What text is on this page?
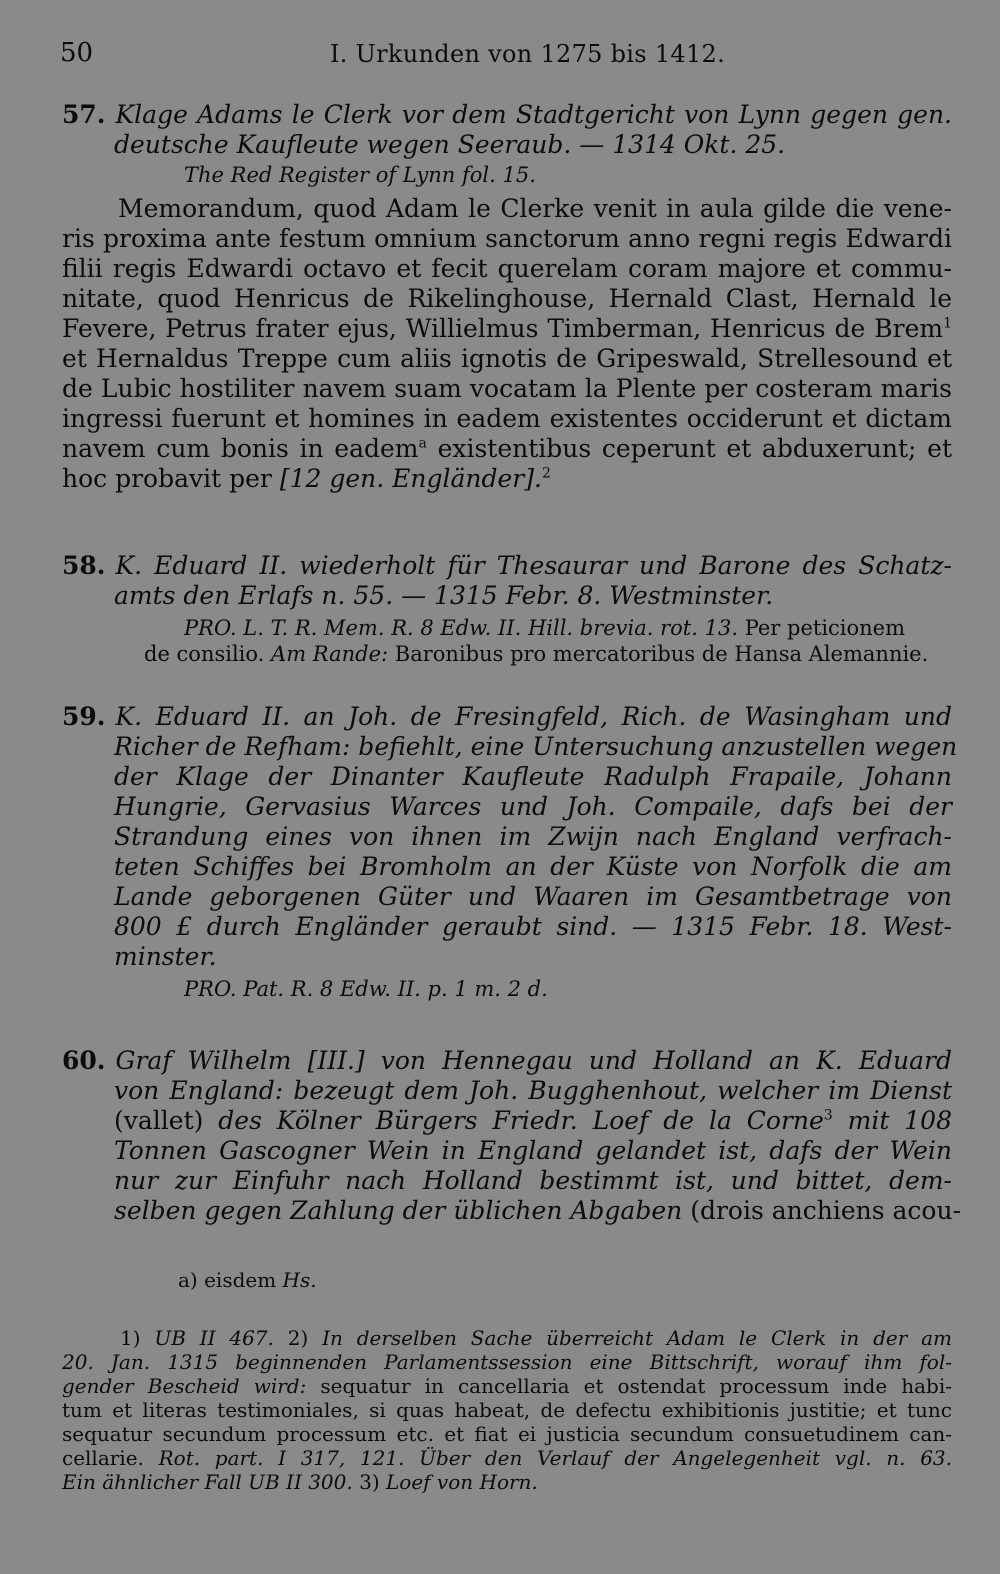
50	I. Urkunden von 1275 bis 1412.
57. Klage Adams le Clerk vor dem Stadtgericht von Lynn gegen gen.
deutsche Kaufleute wegen Seeraub. — 1314 Okt. 25.
The Red Register of Lynn fol. 15.
Memorandum, quod Adam le Clerke venit in aula gilde die vene-
ris proxima ante festum omnium sanctorum anno regni regis Edwardi
filii regis Edwardi octavo et fecit querelam coram majore et commu-
nitate, quod Henricus de Rikelinghouse, Hernald Clast, Hernald le
Fevere, Petrus frater ejus, Willielmus Timberman, Henricus de Brem$^1$
et Hernaldus Treppe cum aliis ignotis de Gripeswald, Strellesound et
de Lubic hostiliter navem suam vocatam la Plente per costeram maris
ingressi fuerunt et homines in eadem existentes occiderunt et dictam
navem cum bonis in eadem$^a$ existentibus ceperunt et abduxerunt; et
hoc probavit per [12 gen. Engländer].$^2$
58. K. Eduard II. wiederholt für Thesaurar und Barone des Schatz-
amts den Erlafs n. 55. — 1315 Febr. 8. Westminster.
PRO. L. T. R. Mem. R. 8 Edw. II. Hill. brevia. rot. 13. Per peticionem
de consilio. Am Rande: Baronibus pro mercatoribus de Hansa Alemannie.
59. K. Eduard II. an Joh. de Fresingfeld, Rich. de Wasingham und
Richer de Refham: befiehlt, eine Untersuchung anzustellen wegen
der Klage der Dinanter Kaufleute Radulph Frapaile, Johann
Hungrie, Gervasius Warces und Joh. Compaile, dafs bei der
Strandung eines von ihnen im Zwijn nach England verfrach-
teten Schiffes bei Bromholm an der Küste von Norfolk die am
Lande geborgenen Güter und Waaren im Gesamtbetrage von
800 £ durch Engländer geraubt sind. — 1315 Febr. 18. West-
minster.
PRO. Pat. R. 8 Edw. II. p. 1 m. 2 d.
60. Graf Wilhelm [III.] von Hennegau und Holland an K. Eduard
von England: bezeugt dem Joh. Bugghenhout, welcher im Dienst
(vallet) des Kölner Bürgers Friedr. Loef de la Corne$^3$ mit 108
Tonnen Gascogner Wein in England gelandet ist, dafs der Wein
nur zur Einfuhr nach Holland bestimmt ist, und bittet, dem-
selben gegen Zahlung der üblichen Abgaben (drois anchiens acou-
a) eisdem Hs.
1) UB II 467. 2) In derselben Sache überreicht Adam le Clerk in der am
20. Jan. 1315 beginnenden Parlamentssession eine Bittschrift, worauf ihm fol-
gender Bescheid wird: sequatur in cancellaria et ostendat processum inde habi-
tum et literas testimoniales, si quas habeat, de defectu exhibitionis justitie; et tunc
sequatur secundum processum etc. et fiat ei justicia secundum consuetudinem can-
cellarie. Rot. part. I 317, 121. Über den Verlauf der Angelegenheit vgl. n. 63.
Ein ähnlicher Fall UB II 300. 3) Loef von Horn.
